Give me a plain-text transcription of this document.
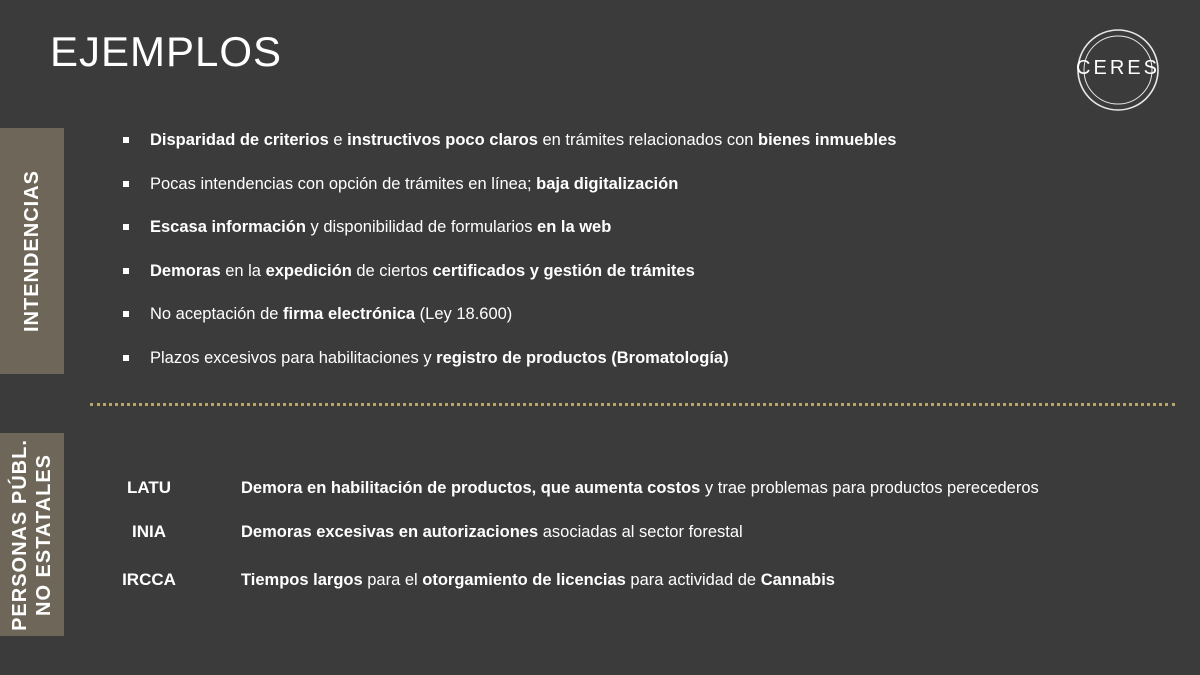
EJEMPLOS	CERES
INTENDENCIAS
Disparidad de criterios e instructivos poco claros en trámites relacionados con bienes inmuebles
Pocas intendencias con opción de trámites en línea; baja digitalización
Escasa información y disponibilidad de formularios en la web
Demoras en la expedición de ciertos certificados y gestión de trámites
No aceptación de firma electrónica (Ley 18.600)
Plazos excesivos para habilitaciones y registro de productos (Bromatología)
PERSONAS PÚBL. NO ESTATALES	LATU	Demora en habilitación de productos, que aumenta costos y trae problemas para productos perecederos
INIA	Demoras excesivas en autorizaciones asociadas al sector forestal
IRCCA	Tiempos largos para el otorgamiento de licencias para actividad de Cannabis
